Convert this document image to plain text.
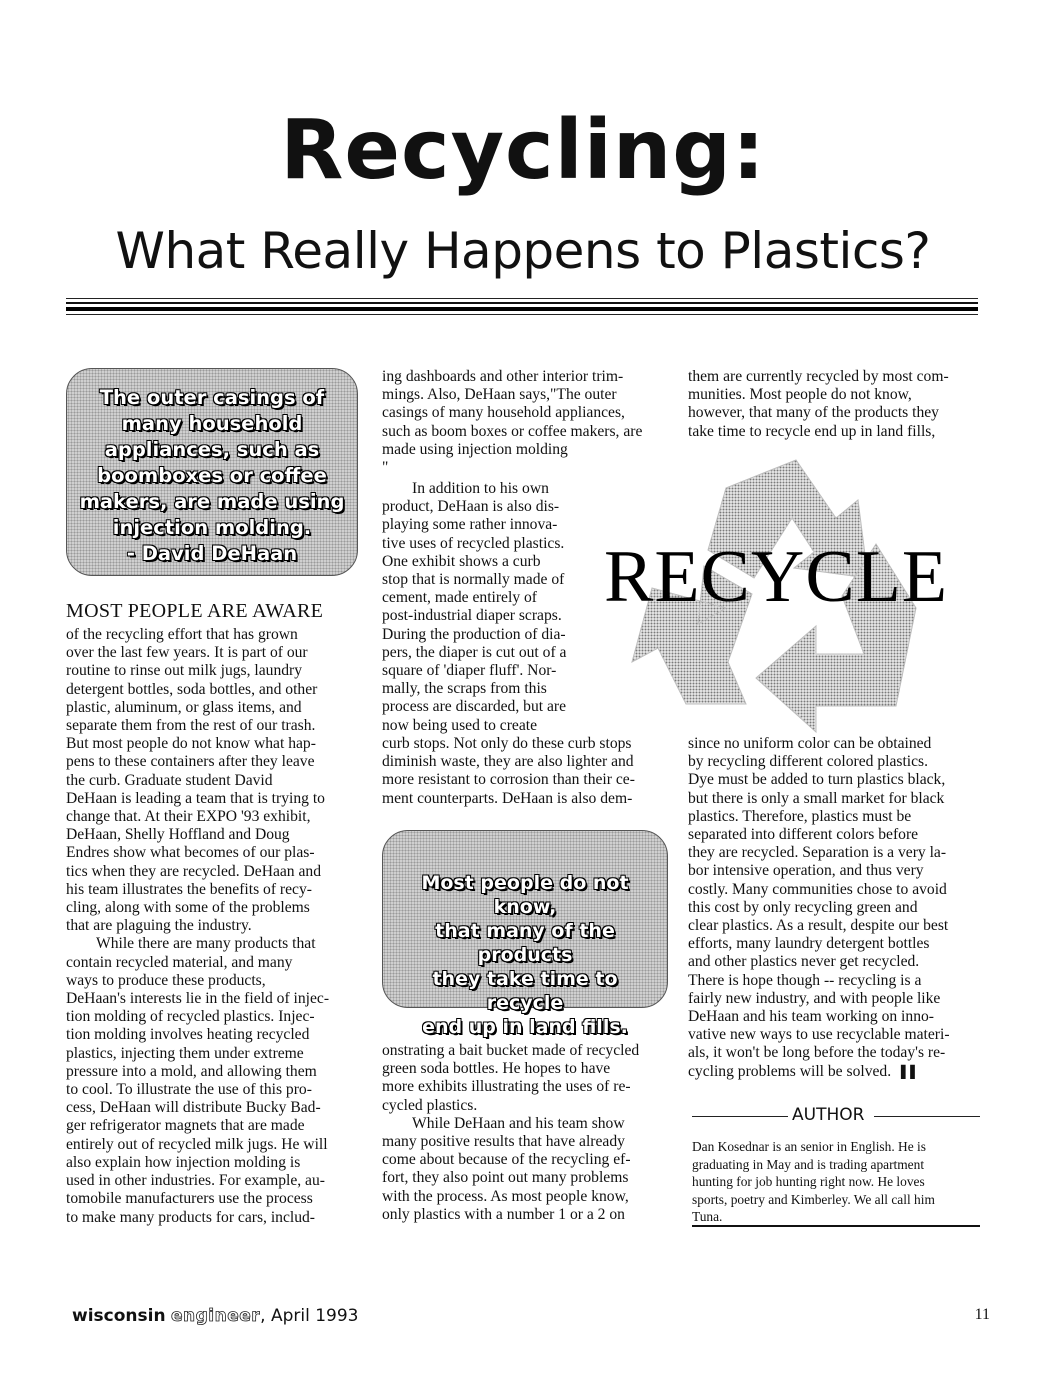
Recycling:
What Really Happens to Plastics?
The outer casings of
many household
appliances, such as
boomboxes or coffee
makers, are made using
injection molding.
- David DeHaan
MOST PEOPLE ARE AWARE
of the recycling effort that has grown
over the last few years. It is part of our
routine to rinse out milk jugs, laundry
detergent bottles, soda bottles, and other
plastic, aluminum, or glass items, and
separate them from the rest of our trash.
But most people do not know what hap-
pens to these containers after they leave
the curb. Graduate student David
DeHaan is leading a team that is trying to
change that. At their EXPO '93 exhibit,
DeHaan, Shelly Hoffland and Doug
Endres show what becomes of our plas-
tics when they are recycled. DeHaan and
his team illustrates the benefits of recy-
cling, along with some of the problems
that are plaguing the industry.
While there are many products that
contain recycled material, and many
ways to produce these products,
DeHaan's interests lie in the field of injec-
tion molding of recycled plastics. Injec-
tion molding involves heating recycled
plastics, injecting them under extreme
pressure into a mold, and allowing them
to cool. To illustrate the use of this pro-
cess, DeHaan will distribute Bucky Bad-
ger refrigerator magnets that are made
entirely out of recycled milk jugs. He will
also explain how injection molding is
used in other industries. For example, au-
tomobile manufacturers use the process
to make many products for cars, includ-
ing dashboards and other interior trim-
mings. Also, DeHaan says,"The outer
casings of many household appliances,
such as boom boxes or coffee makers, are
made using injection molding
"
In addition to his own
product, DeHaan is also dis-
playing some rather innova-
tive uses of recycled plastics.
One exhibit shows a curb
stop that is normally made of
cement, made entirely of
post-industrial diaper scraps.
During the production of dia-
pers, the diaper is cut out of a
square of 'diaper fluff'. Nor-
mally, the scraps from this
process are discarded, but are
now being used to create
curb stops. Not only do these curb stops
diminish waste, they are also lighter and
more resistant to corrosion than their ce-
ment counterparts. DeHaan is also dem-
Most people do not know,
that many of the products
they take time to recycle
end up in land fills.
onstrating a bait bucket made of recycled
green soda bottles. He hopes to have
more exhibits illustrating the uses of re-
cycled plastics.
While DeHaan and his team show
many positive results that have already
come about because of the recycling ef-
fort, they also point out many problems
with the process. As most people know,
only plastics with a number 1 or a 2 on
them are currently recycled by most com-
munities. Most people do not know,
however, that many of the products they
take time to recycle end up in land fills,
RECYCLE
since no uniform color can be obtained
by recycling different colored plastics.
Dye must be added to turn plastics black,
but there is only a small market for black
plastics. Therefore, plastics must be
separated into different colors before
they are recycled. Separation is a very la-
bor intensive operation, and thus very
costly. Many communities chose to avoid
this cost by only recycling green and
clear plastics. As a result, despite our best
efforts, many laundry detergent bottles
and other plastics never get recycled.
There is hope though -- recycling is a
fairly new industry, and with people like
DeHaan and his team working on inno-
vative new ways to use recyclable materi-
als, it won't be long before the today's re-
cycling problems will be solved. ▌▌
AUTHOR
Dan Kosednar is an senior in English. He is
graduating in May and is trading apartment
hunting for job hunting right now. He loves
sports, poetry and Kimberley. We all call him
Tuna.
wisconsin engineer, April 1993	11
